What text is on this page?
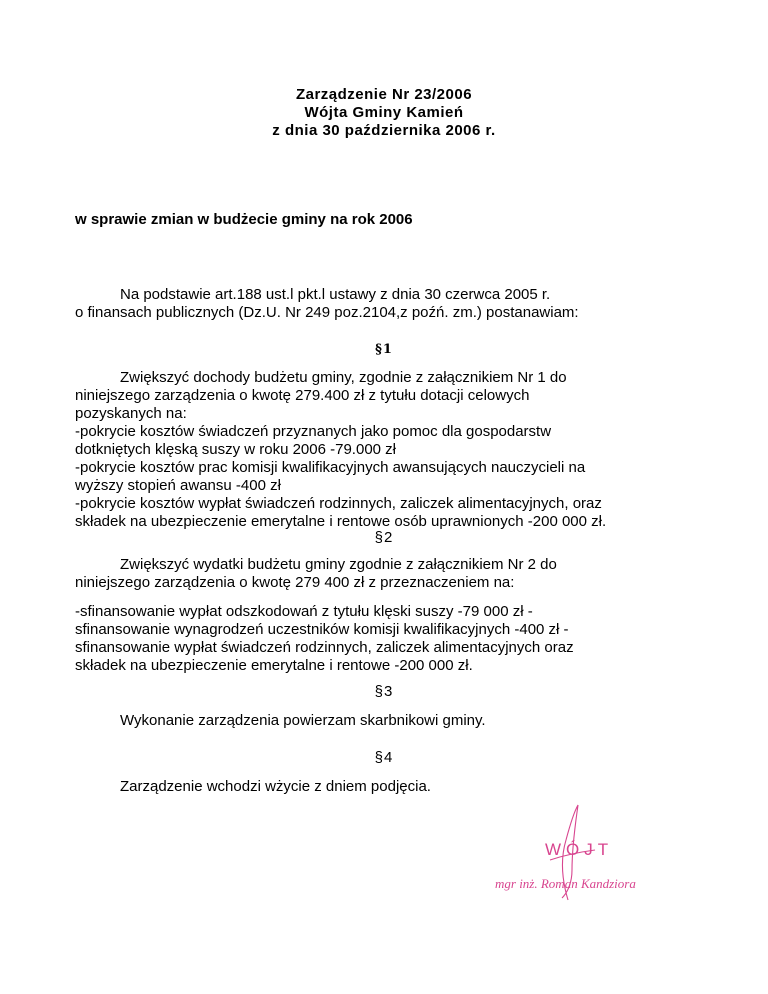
Zarządzenie Nr 23/2006
Wójta Gminy Kamień
z dnia 30 października 2006 r.
w sprawie zmian w budżecie gminy na rok 2006
Na podstawie art.188 ust.l pkt.l ustawy z dnia 30 czerwca 2005 r.
o finansach publicznych (Dz.U. Nr 249 poz.2104,z poźń. zm.) postanawiam:
§1
Zwiększyć dochody budżetu gminy, zgodnie z załącznikiem Nr 1 do
niniejszego zarządzenia o kwotę 279.400 zł z tytułu dotacji celowych
pozyskanych na:
-pokrycie kosztów świadczeń przyznanych jako pomoc dla gospodarstw
dotkniętych klęską suszy w roku 2006 -79.000 zł
-pokrycie kosztów prac komisji kwalifikacyjnych awansujących nauczycieli na
wyższy stopień awansu -400 zł
-pokrycie kosztów wypłat świadczeń rodzinnych, zaliczek alimentacyjnych, oraz
składek na ubezpieczenie emerytalne i rentowe osób uprawnionych -200 000 zł.
§2
Zwiększyć wydatki budżetu gminy zgodnie z załącznikiem Nr 2 do
niniejszego zarządzenia o kwotę 279 400 zł z przeznaczeniem na:
-sfinansowanie wypłat odszkodowań z tytułu klęski suszy -79 000 zł -
sfinansowanie wynagrodzeń uczestników komisji kwalifikacyjnych -400 zł -
sfinansowanie wypłat świadczeń rodzinnych, zaliczek alimentacyjnych oraz
składek na ubezpieczenie emerytalne i rentowe -200 000 zł.
§3
Wykonanie zarządzenia powierzam skarbnikowi gminy.
§4
Zarządzenie wchodzi wżycie z dniem podjęcia.
WÓJT
mgr inż. Roman Kandziora
